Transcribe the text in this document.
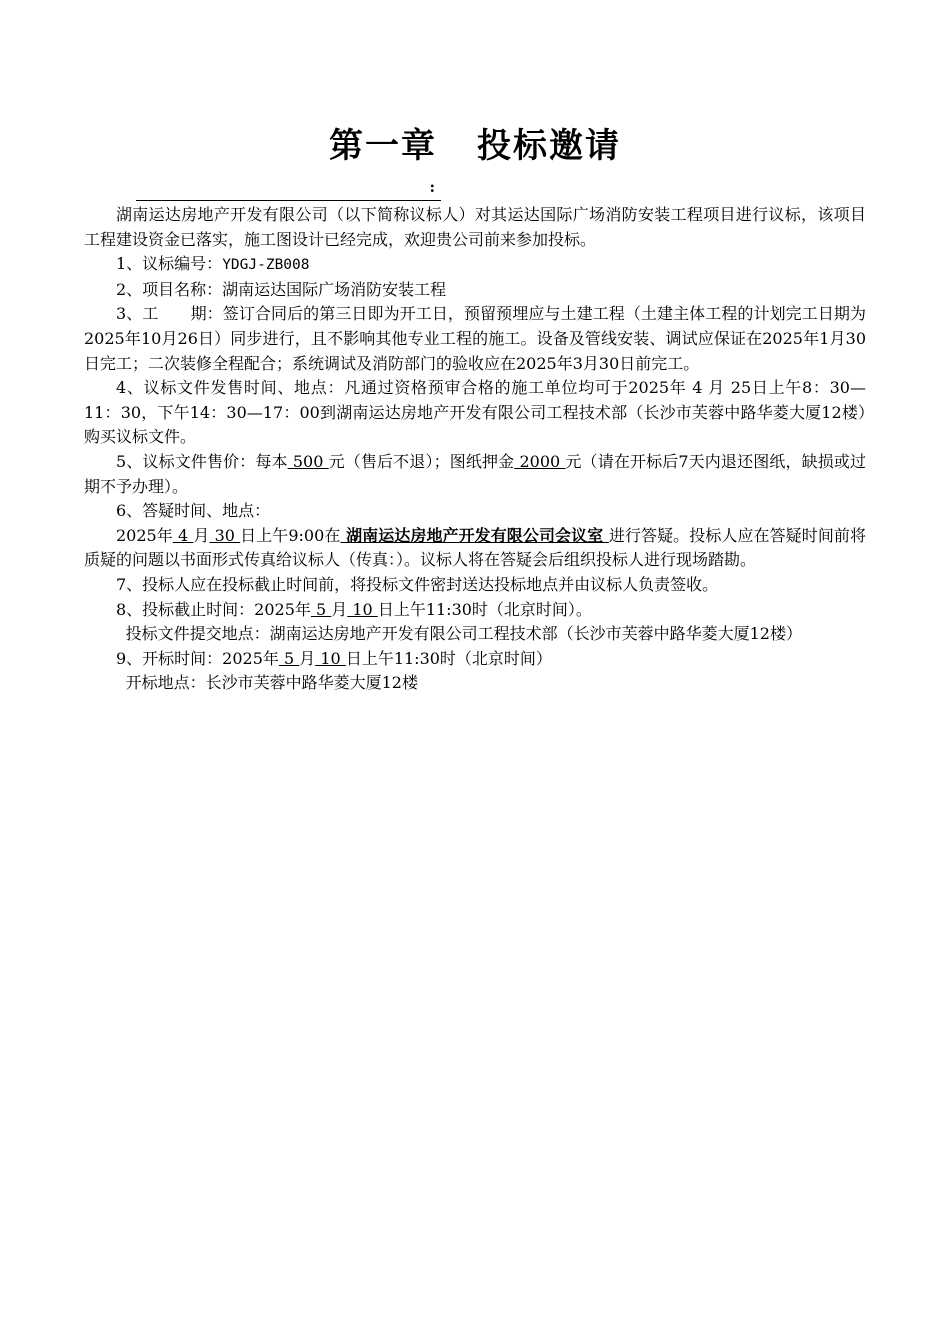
第一章 投标邀请
:

湖南运达房地产开发有限公司（以下简称议标人）对其运达国际广场消防安装工程项目进行议标，该项目工程建设资金已落实，施工图设计已经完成，欢迎贵公司前来参加投标。

1、议标编号：YDGJ-ZB008

2、项目名称：湖南运达国际广场消防安装工程

3、工　　期：签订合同后的第三日即为开工日，预留预埋应与土建工程（土建主体工程的计划完工日期为2025年10月26日）同步进行，且不影响其他专业工程的施工。设备及管线安装、调试应保证在2025年1月30日完工；二次装修全程配合；系统调试及消防部门的验收应在2025年3月30日前完工。

4、议标文件发售时间、地点：凡通过资格预审合格的施工单位均可于2025年 4 月 25日上午8：30—11：30，下午14：30—17：00到湖南运达房地产开发有限公司工程技术部（长沙市芙蓉中路华菱大厦12楼）购买议标文件。

5、议标文件售价：每本 500 元（售后不退）；图纸押金 2000 元（请在开标后7天内退还图纸，缺损或过期不予办理）。

6、答疑时间、地点：

2025年 4 月 30 日上午9:00在 湖南运达房地产开发有限公司会议室 进行答疑。投标人应在答疑时间前将质疑的问题以书面形式传真给议标人（传真：）。议标人将在答疑会后组织投标人进行现场踏勘。

7、投标人应在投标截止时间前，将投标文件密封送达投标地点并由议标人负责签收。

8、投标截止时间：2025年 5 月 10 日上午11:30时（北京时间）。

投标文件提交地点：湖南运达房地产开发有限公司工程技术部（长沙市芙蓉中路华菱大厦12楼）

9、开标时间：2025年 5 月 10 日上午11:30时（北京时间）

开标地点：长沙市芙蓉中路华菱大厦12楼
